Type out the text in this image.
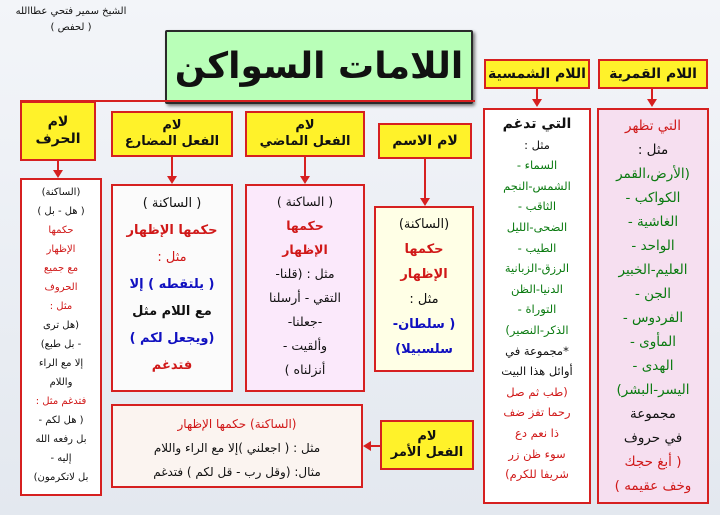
الشيخ سمير فتحي عطاالله
( لحفص )
اللامات السواكن	اللام القمرية
اللام الشمسية
التي تظهر
مثل :
(الأرض،القمر
الكواكب -
الغاشية -
الواحد -
العليم-الخبير
الجن -
الفردوس -
المأوى -
الهدى -
اليسر-البشر)
مجموعة
في حروف
( أبغ حجك
وخف عقيمه )
التي تدغم
مثل :
السماء -
الشمس-النجم
الثاقب -
الضحى-الليل
الطيب -
الرزق-الزبانية
الدنيا-الظن
التوراة -
الذكر-النصير)
*مجموعة في
أوائل هذا البيت
(طب ثم صل
رحما تفز ضف
ذا نعم دع
سوء ظن زر
شريفا للكرم)
لام الاسم
(الساكنة)
حكمها
الإظهار
مثل :
( سلطان-
سلسبيلا)
لام
الفعل الماضي
( الساكنة )
حكمها
الإظهار
مثل : (قلنا-
التقي - أرسلنا
-جعلنا-
وألقيت -
أنزلناه )
لام
الفعل المضارع
( الساكنة )
حكمها الإظهار
مثل :
( يلتقطه ) إلا
مع اللام مثل
(ويجعل لكم )
فتدغم
لام
الحرف
(الساكنة)
( هل - بل )
حكمها
الإظهار
مع جميع
الحروف
مثل :
(هل ترى
- بل طبع)
إلا مع الراء
واللام
فتدغم مثل :
( هل لكم -
بل رفعه الله
إليه -
بل لاتكرمون)
لام
الفعل الأمر
(الساكنة) حكمها الإظهار
مثل : ( اجعلني )إلا مع الراء واللام
مثال: (وقل رب - قل لكم ) فتدغم
